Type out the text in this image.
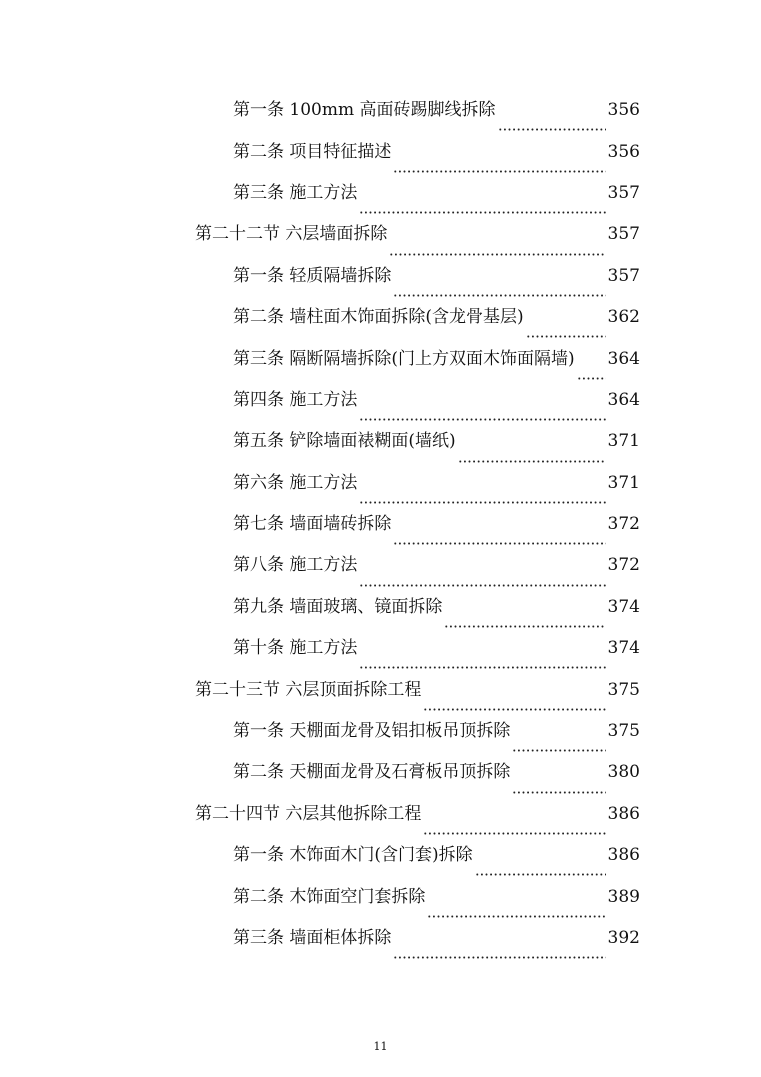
第一条 100mm 高面砖踢脚线拆除	356
第二条 项目特征描述	356
第三条 施工方法	357
第二十二节 六层墙面拆除	357
第一条 轻质隔墙拆除	357
第二条 墙柱面木饰面拆除(含龙骨基层)	362
第三条 隔断隔墙拆除(门上方双面木饰面隔墙) 364
第四条 施工方法	364
第五条 铲除墙面裱糊面(墙纸)	371
第六条 施工方法	371
第七条 墙面墙砖拆除	372
第八条 施工方法	372
第九条 墙面玻璃、镜面拆除	374
第十条 施工方法	374
第二十三节 六层顶面拆除工程	375
第一条 天棚面龙骨及铝扣板吊顶拆除	375
第二条 天棚面龙骨及石膏板吊顶拆除	380
第二十四节 六层其他拆除工程	386
第一条 木饰面木门(含门套)拆除	386
第二条 木饰面空门套拆除	389
第三条 墙面柜体拆除	392
11
